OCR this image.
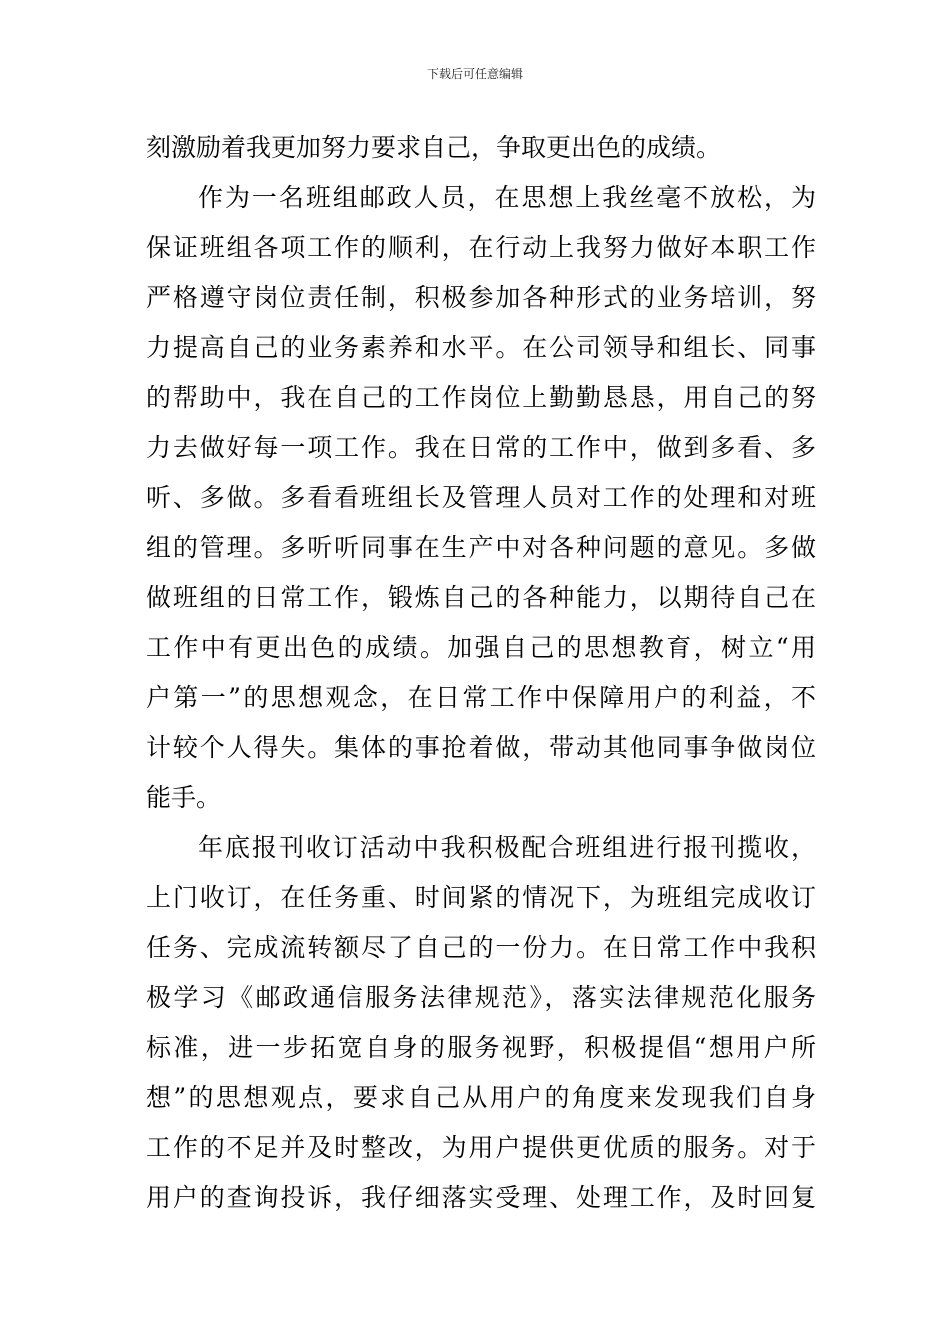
下载后可任意编辑
刻激励着我更加努力要求自己，争取更出色的成绩。
作为一名班组邮政人员，在思想上我丝毫不放松，为
保证班组各项工作的顺利，在行动上我努力做好本职工作
严格遵守岗位责任制，积极参加各种形式的业务培训，努
力提高自己的业务素养和水平。在公司领导和组长、同事
的帮助中，我在自己的工作岗位上勤勤恳恳，用自己的努
力去做好每一项工作。我在日常的工作中，做到多看、多
听、多做。多看看班组长及管理人员对工作的处理和对班
组的管理。多听听同事在生产中对各种问题的意见。多做
做班组的日常工作，锻炼自己的各种能力，以期待自己在
工作中有更出色的成绩。加强自己的思想教育，树立“用
户第一”的思想观念，在日常工作中保障用户的利益，不
计较个人得失。集体的事抢着做，带动其他同事争做岗位
能手。
年底报刊收订活动中我积极配合班组进行报刊揽收，
上门收订，在任务重、时间紧的情况下，为班组完成收订
任务、完成流转额尽了自己的一份力。在日常工作中我积
极学习《邮政通信服务法律规范》，落实法律规范化服务
标准，进一步拓宽自身的服务视野，积极提倡“想用户所
想”的思想观点，要求自己从用户的角度来发现我们自身
工作的不足并及时整改，为用户提供更优质的服务。对于
用户的查询投诉，我仔细落实受理、处理工作，及时回复
